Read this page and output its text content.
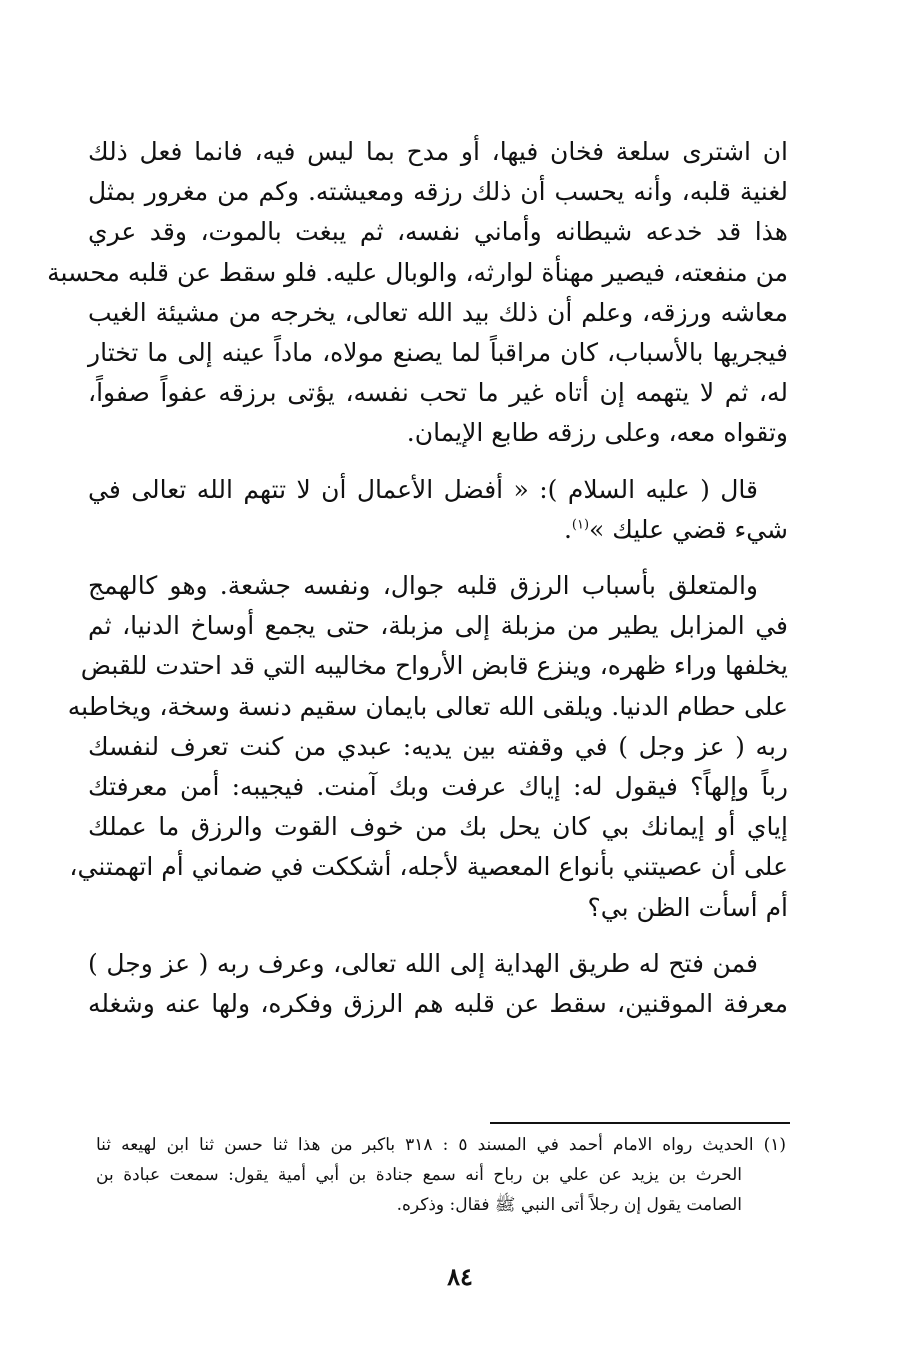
ان اشترى سلعة فخان فيها، أو مدح بما ليس فيه، فانما فعل ذلك
لغنية قلبه، وأنه يحسب أن ذلك رزقه ومعيشته. وكم من مغرور بمثل
هذا قد خدعه شيطانه وأماني نفسه، ثم يبغت بالموت، وقد عري
من منفعته، فيصير مهنأة لوارثه، والوبال عليه. فلو سقط عن قلبه محسبة
معاشه ورزقه، وعلم أن ذلك بيد الله تعالى، يخرجه من مشيئة الغيب
فيجريها بالأسباب، كان مراقباً لما يصنع مولاه، ماداً عينه إلى ما تختار
له، ثم لا يتهمه إن أتاه غير ما تحب نفسه، يؤتى برزقه عفواً صفواً،
وتقواه معه، وعلى رزقه طابع الإيمان.
قال ( عليه السلام ): « أفضل الأعمال أن لا تتهم الله تعالى في
شيء قضي عليك »$^{(١)}$.
والمتعلق بأسباب الرزق قلبه جوال، ونفسه جشعة. وهو كالهمج
في المزابل يطير من مزبلة إلى مزبلة، حتى يجمع أوساخ الدنيا، ثم
يخلفها وراء ظهره، وينزع قابض الأرواح مخاليبه التي قد احتدت للقبض
على حطام الدنيا. ويلقى الله تعالى بايمان سقيم دنسة وسخة، ويخاطبه
ربه ( عز وجل ) في وقفته بين يديه: عبدي من كنت تعرف لنفسك
رباً وإلهاً؟ فيقول له: إياك عرفت وبك آمنت. فيجيبه: أمن معرفتك
إياي أو إيمانك بي كان يحل بك من خوف القوت والرزق ما عملك
على أن عصيتني بأنواع المعصية لأجله، أشككت في ضماني أم اتهمتني،
أم أسأت الظن بي؟
فمن فتح له طريق الهداية إلى الله تعالى، وعرف ربه ( عز وجل )
معرفة الموقنين، سقط عن قلبه هم الرزق وفكره، ولها عنه وشغله
(١) الحديث رواه الامام أحمد في المسند ٥ : ٣١٨ باكبر من هذا ثنا حسن ثنا ابن لهيعه ثنا
الحرث بن يزيد عن علي بن رباح أنه سمع جنادة بن أبي أمية يقول: سمعت عبادة بن
الصامت يقول إن رجلاً أتى النبي ﷺ فقال: وذكره.
٨٤
